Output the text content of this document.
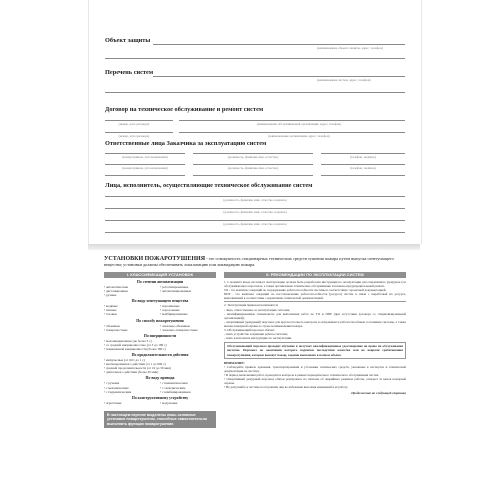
Объект защиты
(наименование объекта защиты, адрес, телефон)
Перечень систем
(наименование систем, адрес, телефон)
Договор на техническое обслуживание и ремонт систем
(номер, дата договора)	(наименование обслуживающей организации, адрес, телефон)
(номер, дата договора)	(наименование организации, адрес, телефон)
Ответственные лица Заказчика за эксплуатацию систем
(номер приказа, дата назначения)	(должность, фамилия, имя, отчество)	(телефон, подпись)
(номер приказа, дата назначения)	(должность, фамилия, имя, отчество)	(телефон, подпись)
Лица, исполнитель, осуществляющие техническое обслуживание систем
(должность, фамилия, имя, отчество, подпись)
(должность, фамилия, имя, отчество, подпись)
(должность, фамилия, имя, отчество, подпись)
УСТАНОВКИ ПОЖАРОТУШЕНИЯ - это совокупность стационарных технических средств тушения пожара путем выпуска огнетушащего вещества; установки должны обеспечивать локализацию или ликвидацию пожара.
I. КЛАССИФИКАЦИЯ УСТАНОВОК
По степени автоматизации
• автоматические
• дистанционные
• ручные
• роботизированные
• автоматизированные
По виду огнетушащего вещества
• водяные
• пенные
• газовые
• порошковые
• аэрозольные
• комбинированные
По способу пожаротушения
• объемные
• поверхностные
• локально-объемные
• локально-поверхностные
По инерционности
• малоинерционные (не более 3 с)
• со средней инерционностью (от 3 до 180 с)
• повышенной инерционности (более 180 с)
По продолжительности действия
• импульсные (от 0,01 до 1 с)
• кратковременного действия (от 1 до 600 с)
• средней продолжительности (от 10 до 30 мин)
• длительного действия (более 30 мин)
По виду привода
• с ручным
• с механическим
• с гидравлическим
• с пневматическим
• с электрическим
• с комбинированным
По конструктивному устройству
• агрегатные	• модульные
В настоящем перечне выделены лишь основные установки пожаротушения, способные самостоятельно выполнять функции пожаротушения
II. РЕКОМЕНДАЦИИ ПО ЭКСПЛУАТАЦИИ СИСТЕМ
1. С момента ввода системы в эксплуатацию должна быть разработана инструкция по эксплуатации для оперативного (дежурного) и обслуживающего персонала, а также организовано техническое обслуживание и планово-предупредительный ремонт.
ТО - это комплекс операций по поддержанию работоспособности системы в соответствии с проектной документацией.
ППР - это комплекс операций по восстановлению работоспособности (ресурса) систем в связи с выработкой их ресурса, выполняемый в соответствии с нормативно-технической документацией.
2. Эксплуатация приказом назначаются:
- лицо, ответственное за эксплуатацию системы;
- квалифицированные специалисты для выполнения работ по ТО и ППР (при отсутствии договора со специализированной организацией);
- оперативный (дежурный) персонал для круглосуточного контроля за исправным и работоспособным состоянием системы, а также вызова пожарной охраны в случае возникновения пожара.
3. Обслуживающий персонал обязан:
- знать устройство и принцип работы системы;
- знать и исполнять инструкцию по эксплуатации.
Обслуживающий персонал проходит обучение в получает квалификационное удостоверение на право на обслуживание системы. Персонал по окончании которого подписки последствия качества или не вовремя срабатывания пожаротушения, которые вызовут пожар, задание выполнено в полном объеме.
ВНИМАНИЕ!
• Соблюдайте правила хранения, транспортирования и установки технических средств, указанные в паспортах и технической документации на систему.
• В период выполнения работ, проводится контроль в рамках периодического технического обслуживания систем.
• Оперативный дежурный персонал обязан реагировать на сигналы об аварийных режимах работы, отвечает за вызов пожарной охраны.
• Не допускайте к системе посторонних лиц во избежание внесения изменений в её работу.
Продолжение на следующей странице
